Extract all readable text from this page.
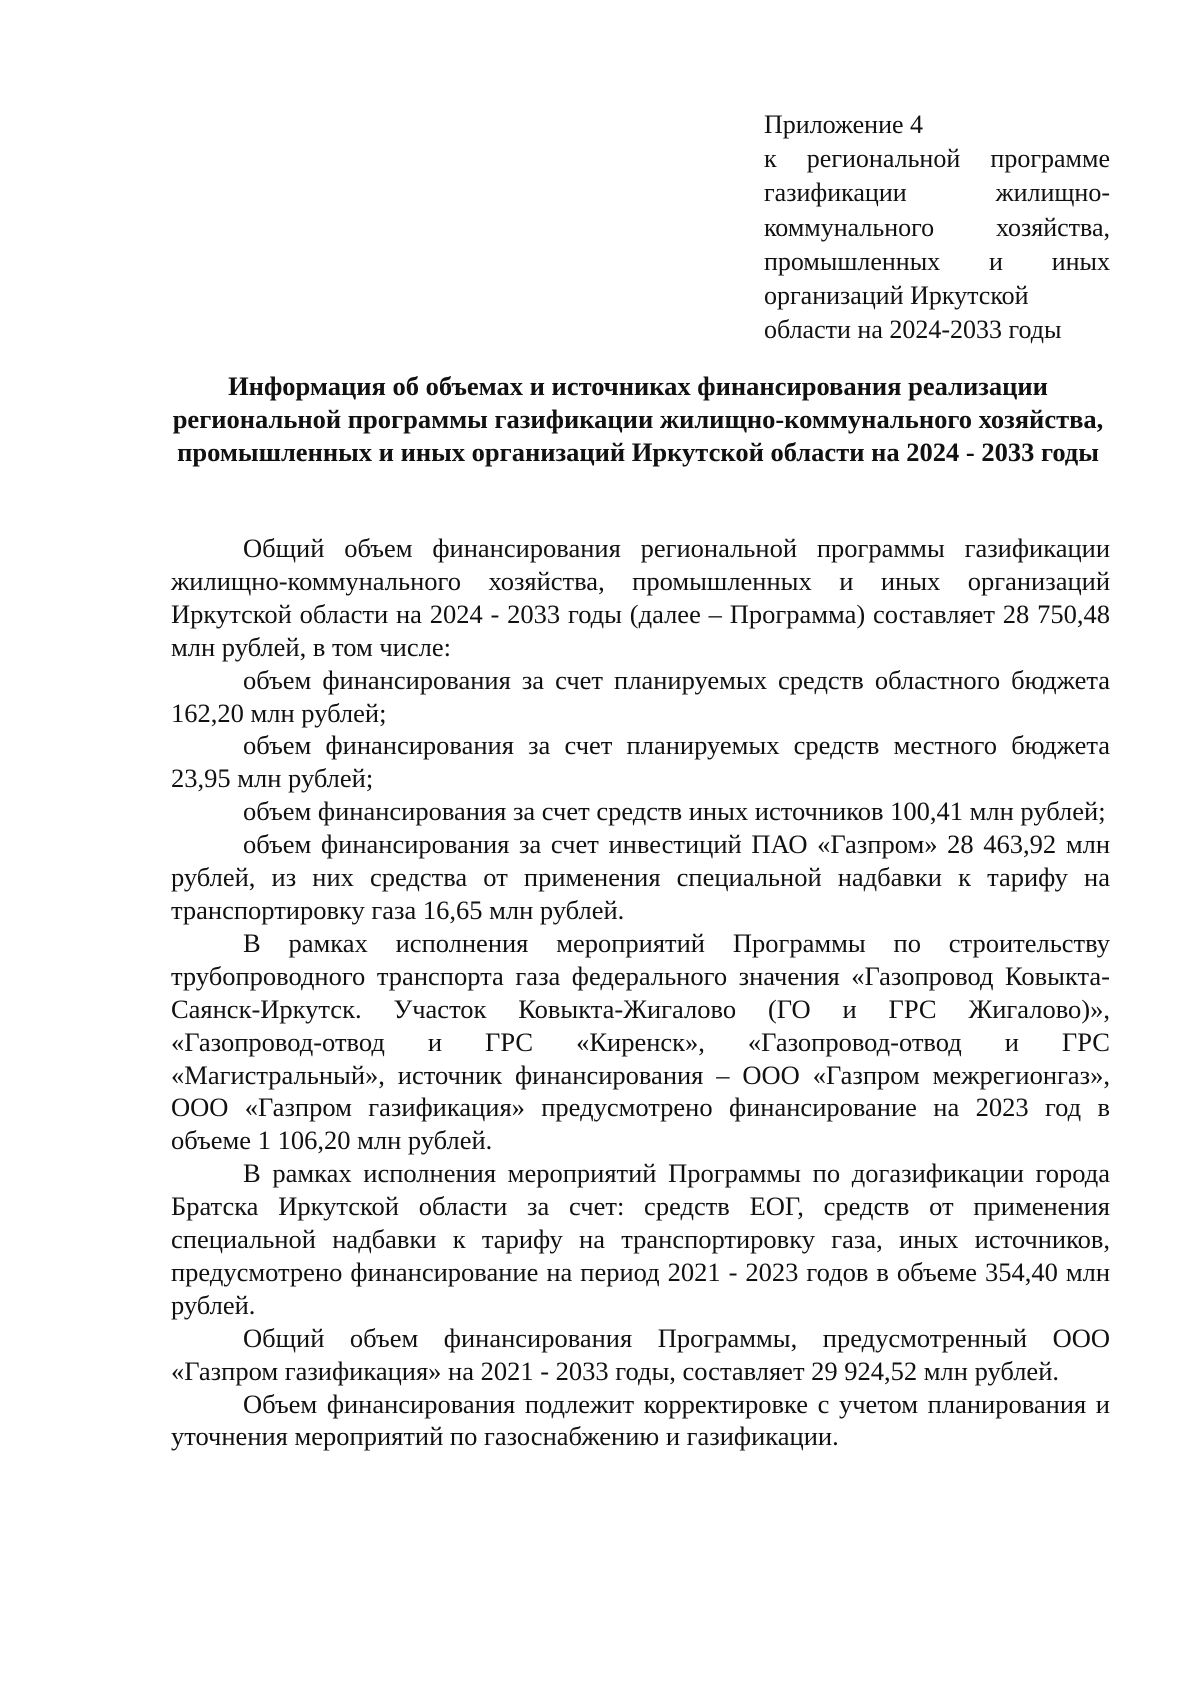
Приложение 4
к региональной программе газификации жилищно-коммунального хозяйства, промышленных и иных организаций Иркутской
области на 2024-2033 годы
Информация об объемах и источниках финансирования реализации региональной программы газификации жилищно-коммунального хозяйства, промышленных и иных организаций Иркутской области на 2024 - 2033 годы

Общий объем финансирования региональной программы газификации жилищно-коммунального хозяйства, промышленных и иных организаций Иркутской области на 2024 - 2033 годы (далее – Программа) составляет 28 750,48 млн рублей, в том числе:

объем финансирования за счет планируемых средств областного бюджета 162,20 млн рублей;

объем финансирования за счет планируемых средств местного бюджета 23,95 млн рублей;

объем финансирования за счет средств иных источников 100,41 млн рублей;

объем финансирования за счет инвестиций ПАО «Газпром» 28 463,92 млн рублей, из них средства от применения специальной надбавки к тарифу на транспортировку газа 16,65 млн рублей.

В рамках исполнения мероприятий Программы по строительству трубопроводного транспорта газа федерального значения «Газопровод Ковыкта-Саянск-Иркутск. Участок Ковыкта-Жигалово (ГО и ГРС Жигалово)», «Газопровод-отвод и ГРС «Киренск», «Газопровод-отвод и ГРС «Магистральный», источник финансирования – ООО «Газпром межрегионгаз», ООО «Газпром газификация» предусмотрено финансирование на 2023 год в объеме 1 106,20 млн рублей.

В рамках исполнения мероприятий Программы по догазификации города Братска Иркутской области за счет: средств ЕОГ, средств от применения специальной надбавки к тарифу на транспортировку газа, иных источников, предусмотрено финансирование на период 2021 - 2023 годов в объеме 354,40 млн рублей.

Общий объем финансирования Программы, предусмотренный ООО «Газпром газификация» на 2021 - 2033 годы, составляет 29 924,52 млн рублей.

Объем финансирования подлежит корректировке с учетом планирования и уточнения мероприятий по газоснабжению и газификации.
